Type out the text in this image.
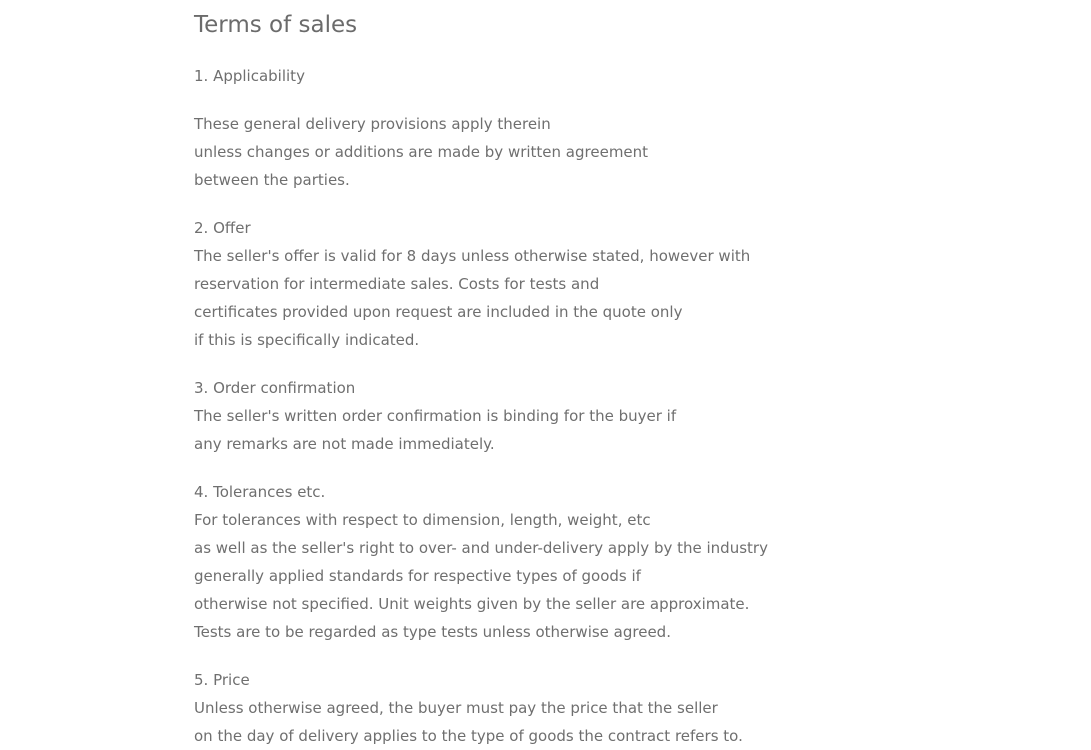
Terms of sales
1. Applicability
These general delivery provisions apply therein
unless changes or additions are made by written agreement
between the parties.
2. Offer
The seller's offer is valid for 8 days unless otherwise stated, however with
reservation for intermediate sales. Costs for tests and
certificates provided upon request are included in the quote only
if this is specifically indicated.
3. Order confirmation
The seller's written order confirmation is binding for the buyer if
any remarks are not made immediately.
4. Tolerances etc.
For tolerances with respect to dimension, length, weight, etc
as well as the seller's right to over- and under-delivery apply by the industry
generally applied standards for respective types of goods if
otherwise not specified. Unit weights given by the seller are approximate.
Tests are to be regarded as type tests unless otherwise agreed.
5. Price
Unless otherwise agreed, the buyer must pay the price that the seller
on the day of delivery applies to the type of goods the contract refers to.
